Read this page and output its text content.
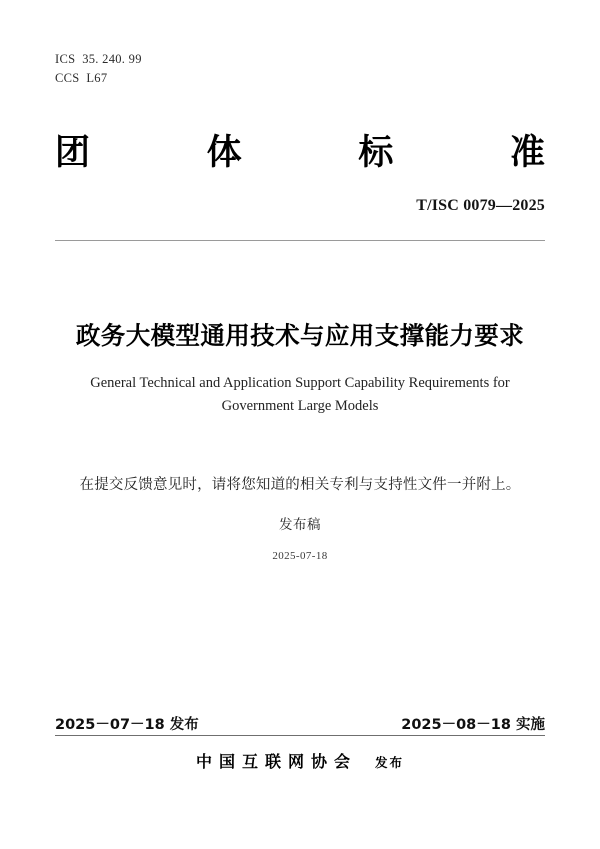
ICS  35. 240. 99
CCS  L67
团	体	标	准
T/ISC 0079—2025
政务大模型通用技术与应用支撑能力要求
General Technical and Application Support Capability Requirements for
Government Large Models
在提交反馈意见时，请将您知道的相关专利与支持性文件一并附上。
发布稿
2025-07-18
2025－07－18 发布	2025－08－18 实施
中国互联网协会 发布
